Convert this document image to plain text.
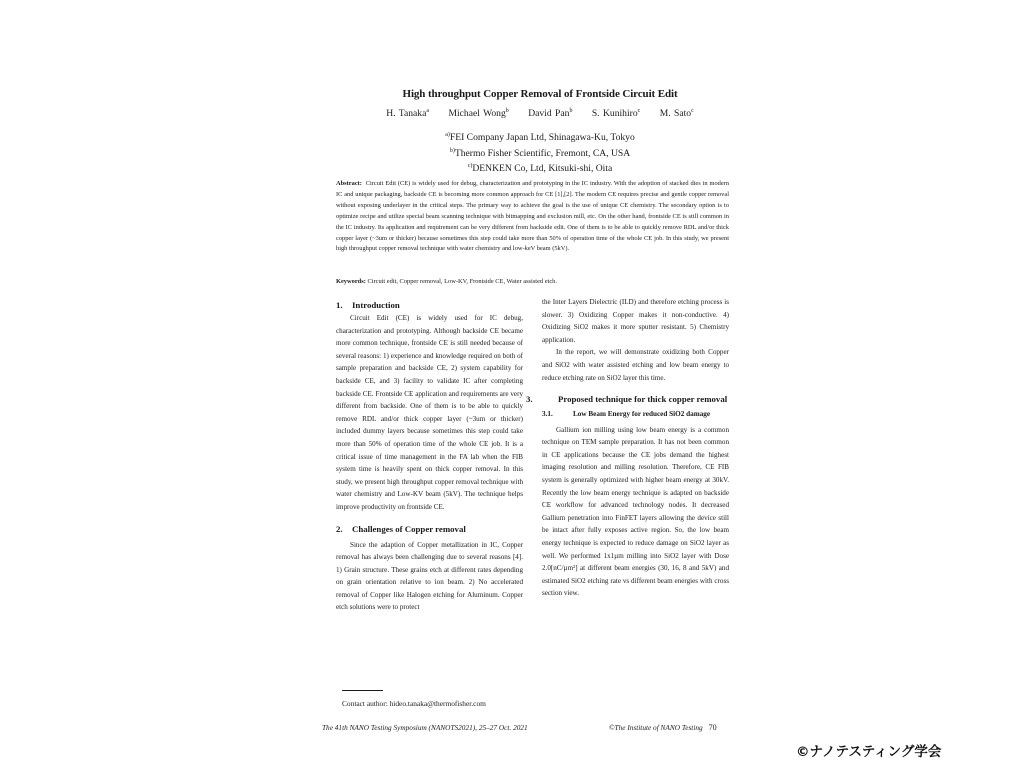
High throughput Copper Removal of Frontside Circuit Edit
H. Tanaka$^a$ Michael Wong$^b$ David Pan$^b$ S. Kunihiro$^c$ M. Sato$^c$
$^{a)}$FEI Company Japan Ltd, Shinagawa-Ku, Tokyo
$^{b)}$Thermo Fisher Scientific, Fremont, CA, USA
$^{c)}$DENKEN Co, Ltd, Kitsuki-shi, Oita
Abstract: Circuit Edit (CE) is widely used for debug, characterization and prototyping in the IC industry. With the adoption of stacked dies in modern IC and unique packaging, backside CE is becoming more common approach for CE [1],[2]. The modern CE requires precise and gentle copper removal without exposing underlayer in the critical steps. The primary way to achieve the goal is the use of unique CE chemistry. The secondary option is to optimize recipe and utilize special beam scanning technique with bitmapping and exclusion mill, etc. On the other hand, frontside CE is still common in the IC industry. Its application and requirement can be very different from backside edit. One of them is to be able to quickly remove RDL and/or thick copper layer (~3um or thicker) because sometimes this step could take more than 50% of operation time of the whole CE job. In this study, we present high throughput copper removal technique with water chemistry and low-keV beam (5kV).
Keywords: Circuit edit, Copper removal, Low-KV, Frontside CE, Water assisted etch.
1. Introduction

Circuit Edit (CE) is widely used for IC debug, characterization and prototyping. Although backside CE became more common technique, frontside CE is still needed because of several reasons: 1) experience and knowledge required on both of sample preparation and backside CE, 2) system capability for backside CE, and 3) facility to validate IC after completing backside CE. Frontside CE application and requirements are very different from backside. One of them is to be able to quickly remove RDL and/or thick copper layer (~3um or thicker) included dummy layers because sometimes this step could take more than 50% of operation time of the whole CE job. It is a critical issue of time management in the FA lab when the FIB system time is heavily spent on thick copper removal. In this study, we present high throughput copper removal technique with water chemistry and Low-KV beam (5kV). The technique helps improve productivity on frontside CE.

2. Challenges of Copper removal

Since the adaption of Copper metallization in IC, Copper removal has always been challenging due to several reasons [4]. 1) Grain structure. These grains etch at different rates depending on grain orientation relative to ion beam. 2) No accelerated removal of Copper like Halogen etching for Aluminum. Copper etch solutions were to protect

the Inter Layers Dielectric (ILD) and therefore etching process is slower. 3) Oxidizing Copper makes it non-conductive. 4) Oxidizing SiO2 makes it more sputter resistant. 5) Chemistry application.

In the report, we will demonstrate oxidizing both Copper and SiO2 with water assisted etching and low beam energy to reduce etching rate on SiO2 layer this time.

3.	Proposed technique for thick copper removal
3.1.	Low Beam Energy for reduced SiO2 damage

Gallium ion milling using low beam energy is a common technique on TEM sample preparation. It has not been common in CE applications because the CE jobs demand the highest imaging resolution and milling resolution. Therefore, CE FIB system is generally optimized with higher beam energy at 30kV. Recently the low beam energy technique is adapted on backside CE workflow for advanced technology nodes. It decreased Gallium penetration into FinFET layers allowing the device still be intact after fully exposes active region. So, the low beam energy technique is expected to reduce damage on SiO2 layer as well. We performed 1x1µm milling into SiO2 layer with Dose 2.0[nC/µm²] at different beam energies (30, 16, 8 and 5kV) and estimated SiO2 etching rate vs different beam energies with cross section view.

Contact author: hideo.tanaka@thermofisher.com
The 41th NANO Testing Symposium (NANOTS2021), 25–27 Oct. 2021	©The Institute of NANO Testing 70
©ナノテスティング学会
